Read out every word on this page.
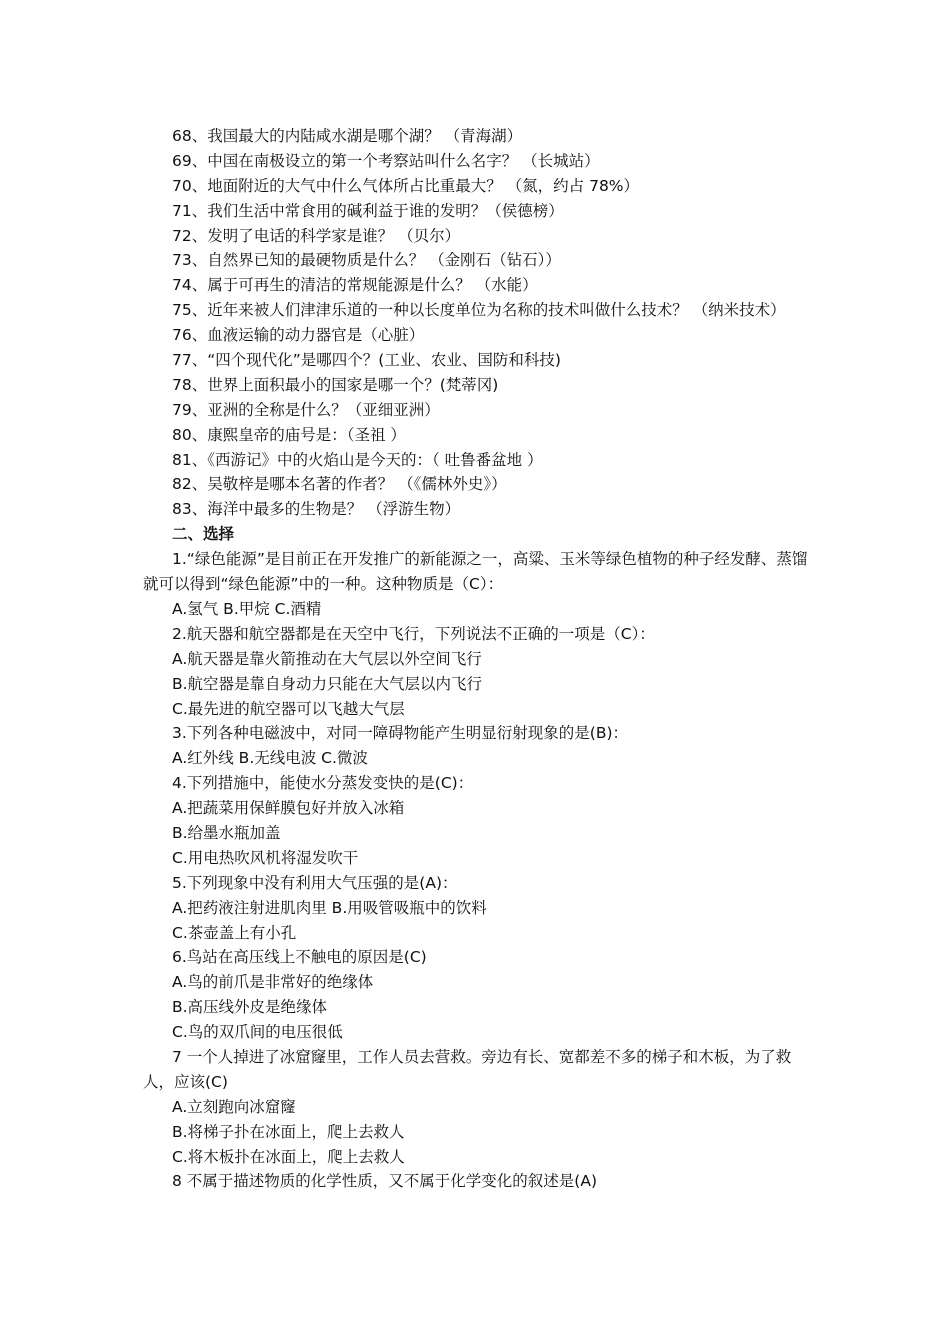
68、我国最大的内陆咸水湖是哪个湖？ （青海湖）
69、中国在南极设立的第一个考察站叫什么名字？ （长城站）
70、地面附近的大气中什么气体所占比重最大？ （氮，约占 78%）
71、我们生活中常食用的碱利益于谁的发明？（侯德榜）
72、发明了电话的科学家是谁？ （贝尔）
73、自然界已知的最硬物质是什么？ （金刚石（钻石））
74、属于可再生的清洁的常规能源是什么？ （水能）
75、近年来被人们津津乐道的一种以长度单位为名称的技术叫做什么技术？ （纳米技术）
76、血液运输的动力器官是（心脏）
77、“四个现代化”是哪四个？(工业、农业、国防和科技)
78、世界上面积最小的国家是哪一个？(梵蒂冈)
79、亚洲的全称是什么？（亚细亚洲）
80、康熙皇帝的庙号是：（圣祖 ）
81、《西游记》中的火焰山是今天的：（ 吐鲁番盆地 ）
82、吴敬梓是哪本名著的作者？ （《儒林外史》）
83、海洋中最多的生物是？ （浮游生物）
二、选择
1.“绿色能源”是目前正在开发推广的新能源之一，高粱、玉米等绿色植物的种子经发酵、蒸馏就可以得到“绿色能源”中的一种。这种物质是（C）：
A.氢气 B.甲烷 C.酒精
2.航天器和航空器都是在天空中飞行，下列说法不正确的一项是（C）：
A.航天器是靠火箭推动在大气层以外空间飞行
B.航空器是靠自身动力只能在大气层以内飞行
C.最先进的航空器可以飞越大气层
3.下列各种电磁波中，对同一障碍物能产生明显衍射现象的是(B)：
A.红外线 B.无线电波 C.微波
4.下列措施中，能使水分蒸发变快的是(C)：
A.把蔬菜用保鲜膜包好并放入冰箱
B.给墨水瓶加盖
C.用电热吹风机将湿发吹干
5.下列现象中没有利用大气压强的是(A)：
A.把药液注射进肌肉里 B.用吸管吸瓶中的饮料
C.茶壶盖上有小孔
6.鸟站在高压线上不触电的原因是(C)
A.鸟的前爪是非常好的绝缘体
B.高压线外皮是绝缘体
C.鸟的双爪间的电压很低
7 一个人掉进了冰窟窿里，工作人员去营救。旁边有长、宽都差不多的梯子和木板，为了救人，应该(C)
A.立刻跑向冰窟窿
B.将梯子扑在冰面上，爬上去救人
C.将木板扑在冰面上，爬上去救人
8 不属于描述物质的化学性质，又不属于化学变化的叙述是(A)
